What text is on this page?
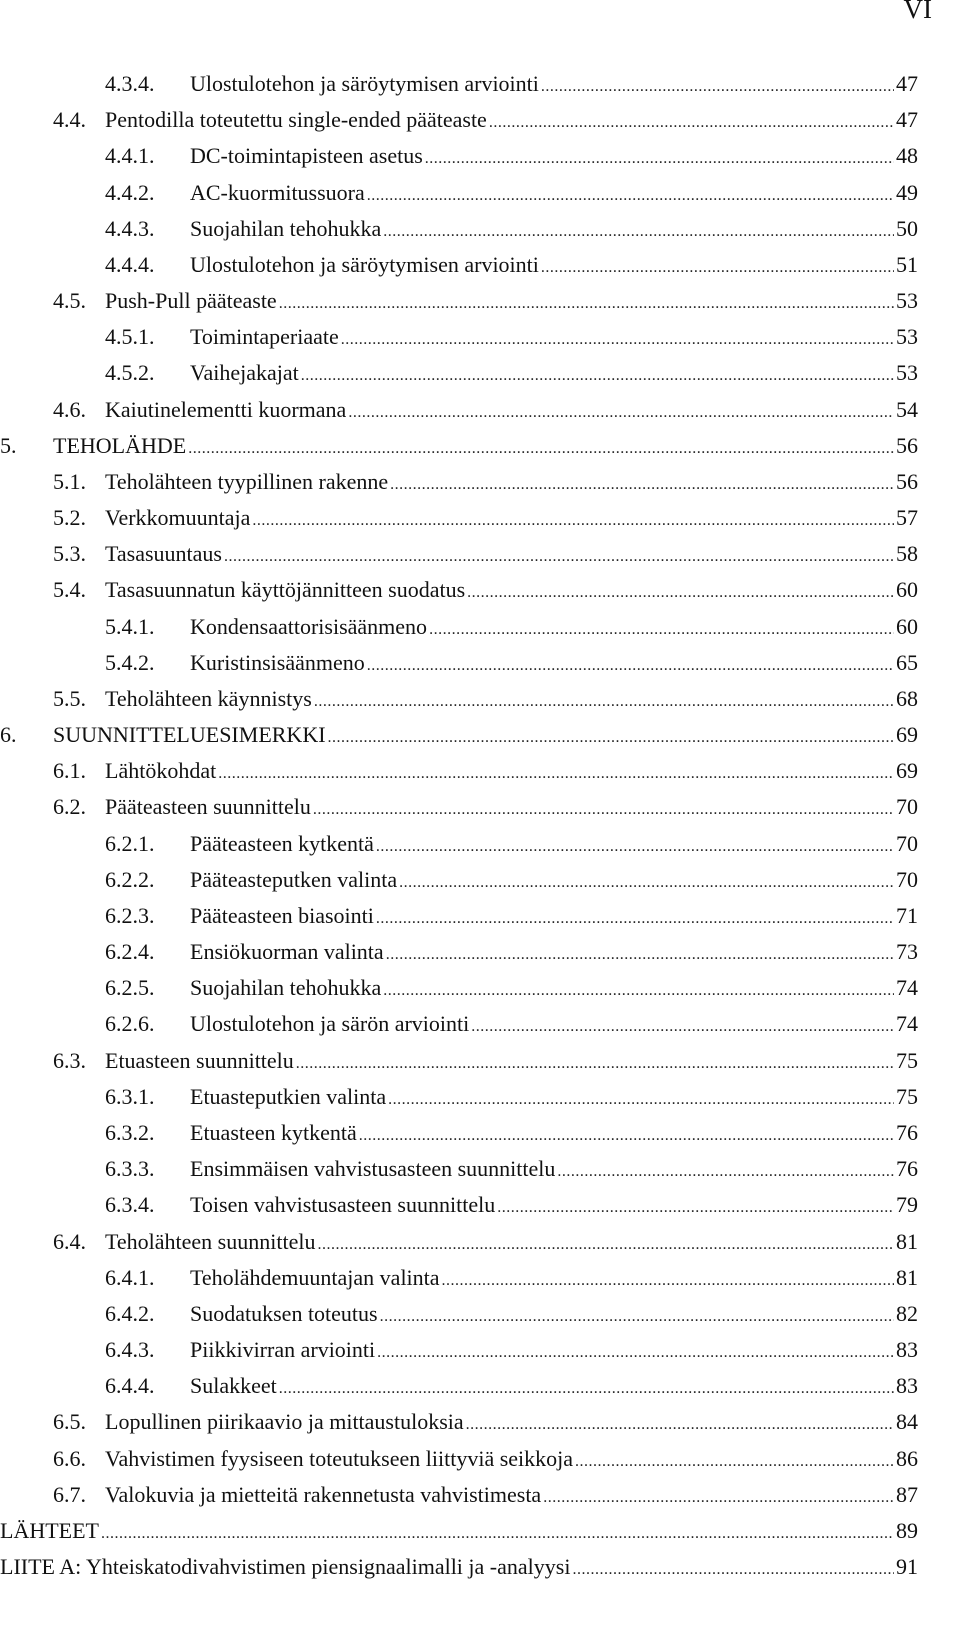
VI
4.3.4. Ulostulotehon ja säröytymisen arviointi .....	47
4.4. Pentodilla toteutettu single-ended pääteaste .....	47
4.4.1. DC-toimintapisteen asetus .....	48
4.4.2. AC-kuormitussuora .....	49
4.4.3. Suojahilan tehohukka .....	50
4.4.4. Ulostulotehon ja säröytymisen arviointi .....	51
4.5. Push-Pull pääteaste .....	53
4.5.1. Toimintaperiaate .....	53
4.5.2. Vaihejakajat .....	53
4.6. Kaiutinelementti kuormana .....	54
5. TEHOLÄHDE .....	56
5.1. Teholähteen tyypillinen rakenne .....	56
5.2. Verkkomuuntaja .....	57
5.3. Tasasuuntaus .....	58
5.4. Tasasuunnatun käyttöjännitteen suodatus .....	60
5.4.1. Kondensaattorisisäänmeno .....	60
5.4.2. Kuristinsisäänmeno .....	65
5.5. Teholähteen käynnistys .....	68
6. SUUNNITTELUESIMERKKI .....	69
6.1. Lähtökohdat .....	69
6.2. Pääteasteen suunnittelu .....	70
6.2.1. Pääteasteen kytkentä .....	70
6.2.2. Pääteasteputken valinta .....	70
6.2.3. Pääteasteen biasointi .....	71
6.2.4. Ensiökuorman valinta .....	73
6.2.5. Suojahilan tehohukka .....	74
6.2.6. Ulostulotehon ja särön arviointi .....	74
6.3. Etuasteen suunnittelu .....	75
6.3.1. Etuasteputkien valinta .....	75
6.3.2. Etuasteen kytkentä .....	76
6.3.3. Ensimmäisen vahvistusasteen suunnittelu .....	76
6.3.4. Toisen vahvistusasteen suunnittelu .....	79
6.4. Teholähteen suunnittelu .....	81
6.4.1. Teholähdemuuntajan valinta .....	81
6.4.2. Suodatuksen toteutus .....	82
6.4.3. Piikkivirran arviointi .....	83
6.4.4. Sulakkeet .....	83
6.5. Lopullinen piirikaavio ja mittaustuloksia .....	84
6.6. Vahvistimen fyysiseen toteutukseen liittyviä seikkoja .....	86
6.7. Valokuvia ja mietteitä rakennetusta vahvistimesta .....	87
LÄHTEET .....	89
LIITE A: Yhteiskatodivahvistimen piensignaalimalli ja -analyysi .....	91
